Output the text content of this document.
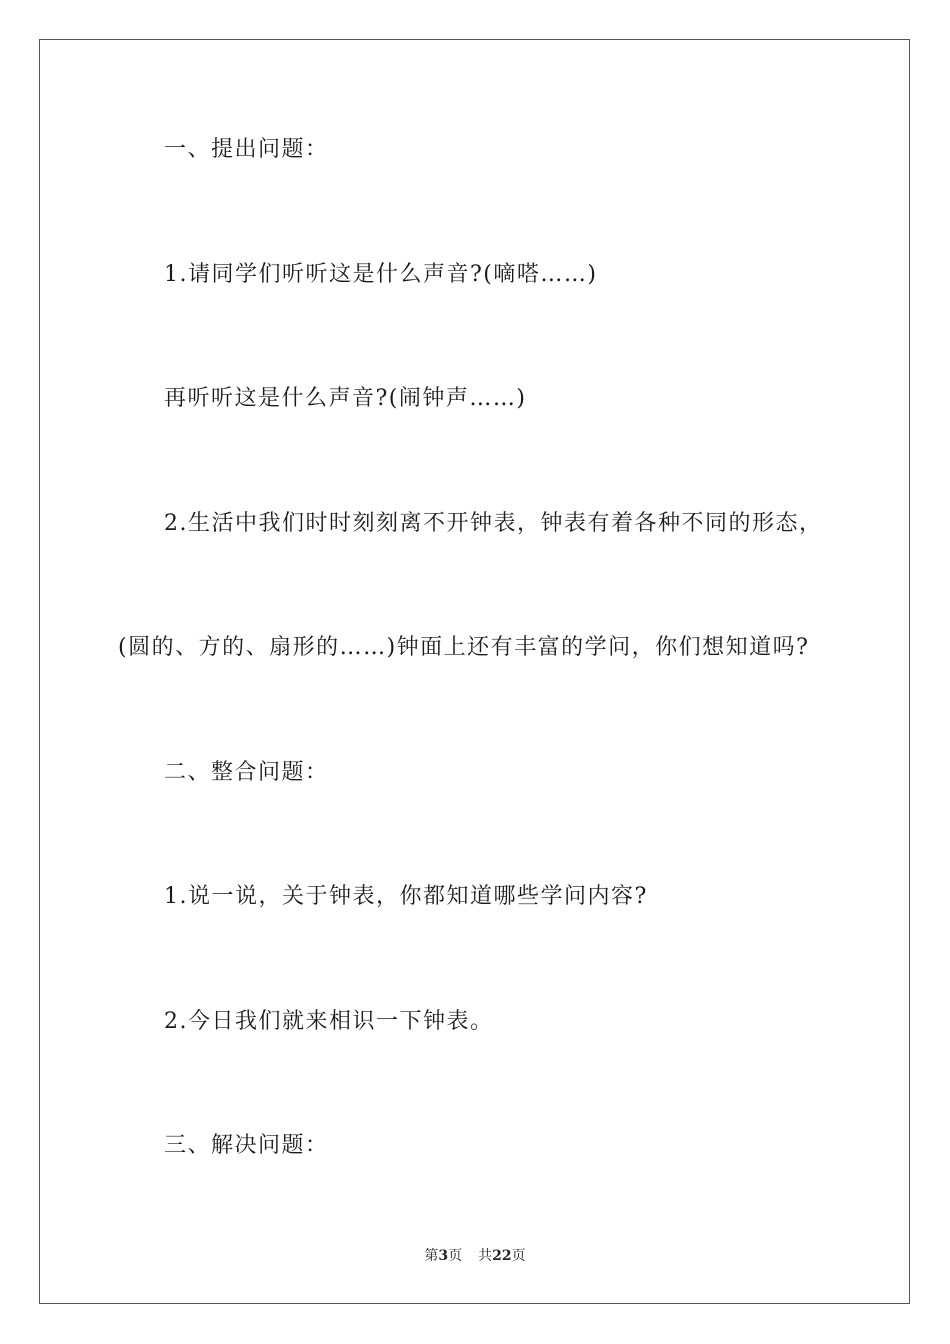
一、提出问题：
1.请同学们听听这是什么声音?(嘀嗒……)
再听听这是什么声音?(闹钟声……)
2.生活中我们时时刻刻离不开钟表，钟表有着各种不同的形态，
(圆的、方的、扇形的……)钟面上还有丰富的学问，你们想知道吗?
二、整合问题：
1.说一说，关于钟表，你都知道哪些学问内容?
2.今日我们就来相识一下钟表。
三、解决问题：
第3页 共22页
